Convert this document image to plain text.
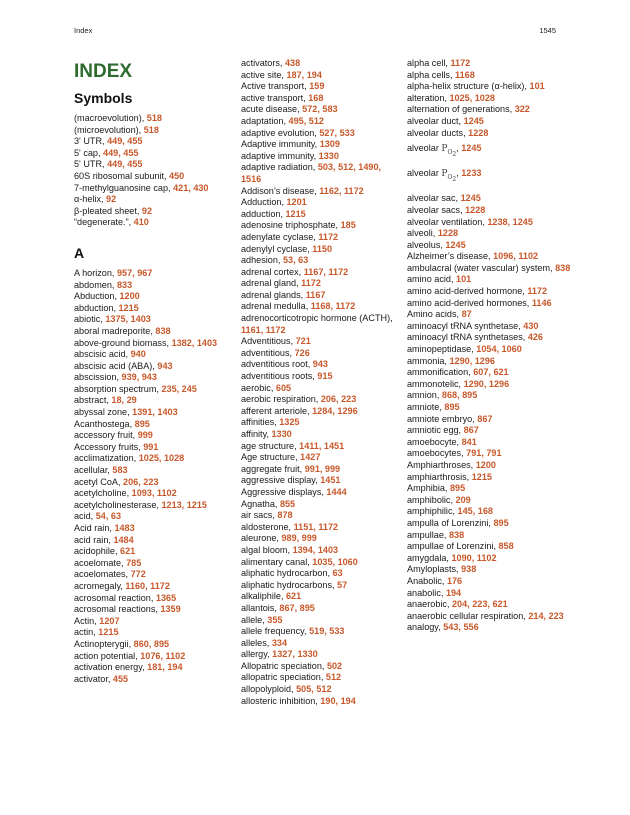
Index	1545
INDEX
Symbols
(macroevolution), 518
(microevolution), 518
3' UTR, 449, 455
5' cap, 449, 455
5' UTR, 449, 455
60S ribosomal subunit, 450
7-methylguanosine cap, 421, 430
α-helix, 92
β-pleated sheet, 92
“degenerate.”, 410
A
A horizon, 957, 967
abdomen, 833
Abduction, 1200
abduction, 1215
abiotic, 1375, 1403
aboral madreporite, 838
above-ground biomass, 1382, 1403
abscisic acid, 940
abscisic acid (ABA), 943
abscission, 939, 943
absorption spectrum, 235, 245
abstract, 18, 29
abyssal zone, 1391, 1403
Acanthostega, 895
accessory fruit, 999
Accessory fruits, 991
acclimatization, 1025, 1028
acellular, 583
acetyl CoA, 206, 223
acetylcholine, 1093, 1102
acetylcholinesterase, 1213, 1215
acid, 54, 63
Acid rain, 1483
acid rain, 1484
acidophile, 621
acoelomate, 785
acoelomates, 772
acromegaly, 1160, 1172
acrosomal reaction, 1365
acrosomal reactions, 1359
Actin, 1207
actin, 1215
Actinopterygii, 860, 895
action potential, 1076, 1102
activation energy, 181, 194
activator, 455
activators, 438
active site, 187, 194
Active transport, 159
active transport, 168
acute disease, 572, 583
adaptation, 495, 512
adaptive evolution, 527, 533
Adaptive immunity, 1309
adaptive immunity, 1330
adaptive radiation, 503, 512, 1490, 1516
Addison’s disease, 1162, 1172
Adduction, 1201
adduction, 1215
adenosine triphosphate, 185
adenylate cyclase, 1172
adenylyl cyclase, 1150
adhesion, 53, 63
adrenal cortex, 1167, 1172
adrenal gland, 1172
adrenal glands, 1167
adrenal medulla, 1168, 1172
adrenocorticotropic hormone (ACTH), 1161, 1172
Adventitious, 721
adventitious, 726
adventitious root, 943
adventitious roots, 915
aerobic, 605
aerobic respiration, 206, 223
afferent arteriole, 1284, 1296
affinities, 1325
affinity, 1330
age structure, 1411, 1451
Age structure, 1427
aggregate fruit, 991, 999
aggressive display, 1451
Aggressive displays, 1444
Agnatha, 855
air sacs, 878
aldosterone, 1151, 1172
aleurone, 989, 999
algal bloom, 1394, 1403
alimentary canal, 1035, 1060
aliphatic hydrocarbon, 63
aliphatic hydrocarbons, 57
alkaliphile, 621
allantois, 867, 895
allele, 355
allele frequency, 519, 533
alleles, 334
allergy, 1327, 1330
Allopatric speciation, 502
allopatric speciation, 512
allopolyploid, 505, 512
allosteric inhibition, 190, 194
alpha cell, 1172
alpha cells, 1168
alpha-helix structure (α-helix), 101
alteration, 1025, 1028
alternation of generations, 322
alveolar duct, 1245
alveolar ducts, 1228
alveolar $P_{O_2}$, 1245
alveolar $P_{O_2}$, 1233
alveolar sac, 1245
alveolar sacs, 1228
alveolar ventilation, 1238, 1245
alveoli, 1228
alveolus, 1245
Alzheimer’s disease, 1096, 1102
ambulacral (water vascular) system, 838
amino acid, 101
amino acid-derived hormone, 1172
amino acid-derived hormones, 1146
Amino acids, 87
aminoacyl tRNA synthetase, 430
aminoacyl tRNA synthetases, 426
aminopeptidase, 1054, 1060
ammonia, 1290, 1296
ammonification, 607, 621
ammonotelic, 1290, 1296
amnion, 868, 895
amniote, 895
amniote embryo, 867
amniotic egg, 867
amoebocyte, 841
amoebocytes, 791, 791
Amphiarthroses, 1200
amphiarthrosis, 1215
Amphibia, 895
amphibolic, 209
amphiphilic, 145, 168
ampulla of Lorenzini, 895
ampullae, 838
ampullae of Lorenzini, 858
amygdala, 1090, 1102
Amyloplasts, 938
Anabolic, 176
anabolic, 194
anaerobic, 204, 223, 621
anaerobic cellular respiration, 214, 223
analogy, 543, 556
